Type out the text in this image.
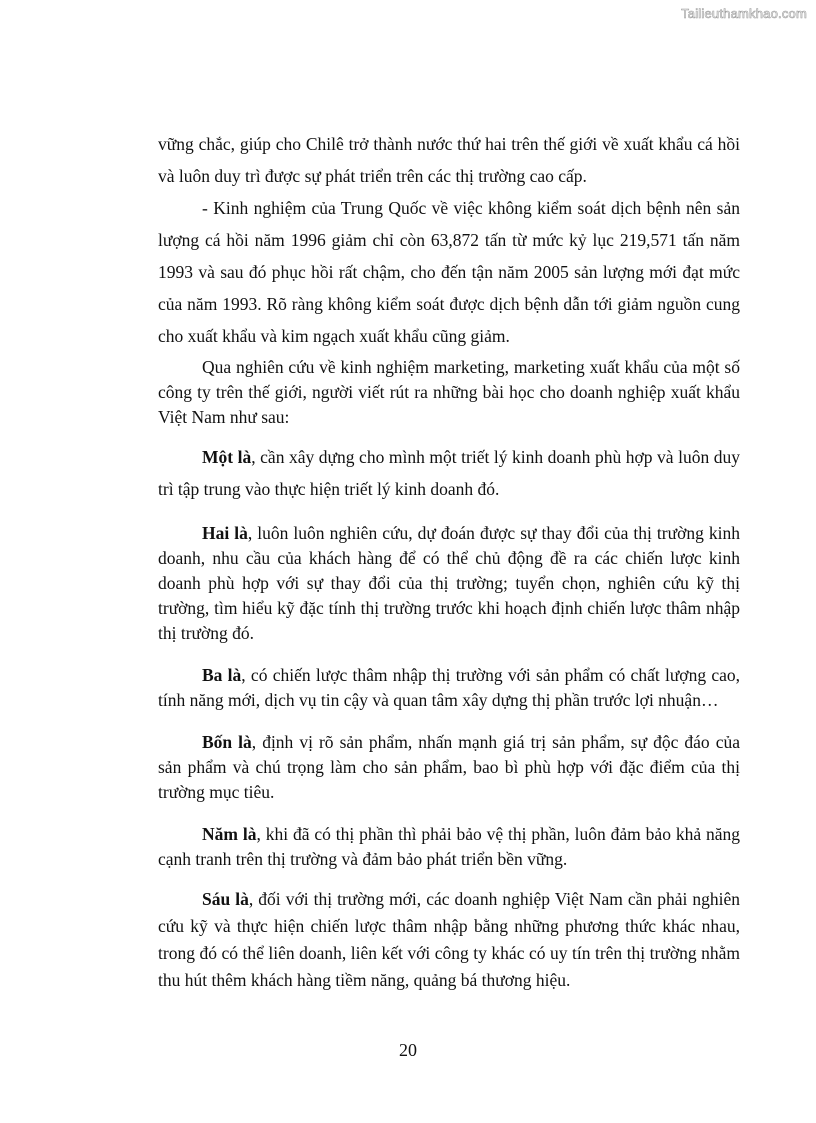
Tailieuthamkhao.com

vững chắc, giúp cho Chilê trở thành nước thứ hai trên thế giới về xuất khẩu cá hồi và luôn duy trì được sự phát triển trên các thị trường cao cấp.

- Kinh nghiệm của Trung Quốc về việc không kiểm soát dịch bệnh nên sản lượng cá hồi năm 1996 giảm chỉ còn 63,872 tấn từ mức kỷ lục 219,571 tấn năm 1993 và sau đó phục hồi rất chậm, cho đến tận năm 2005 sản lượng mới đạt mức của năm 1993. Rõ ràng không kiểm soát được dịch bệnh dẫn tới giảm nguồn cung cho xuất khẩu và kim ngạch xuất khẩu cũng giảm.

Qua nghiên cứu về kinh nghiệm marketing, marketing xuất khẩu của một số công ty trên thế giới, người viết rút ra những bài học cho doanh nghiệp xuất khẩu Việt Nam như sau:

Một là, cần xây dựng cho mình một triết lý kinh doanh phù hợp và luôn duy trì tập trung vào thực hiện triết lý kinh doanh đó.

Hai là, luôn luôn nghiên cứu, dự đoán được sự thay đổi của thị trường kinh doanh, nhu cầu của khách hàng để có thể chủ động đề ra các chiến lược kinh doanh phù hợp với sự thay đổi của thị trường; tuyển chọn, nghiên cứu kỹ thị trường, tìm hiểu kỹ đặc tính thị trường trước khi hoạch định chiến lược thâm nhập thị trường đó.

Ba là, có chiến lược thâm nhập thị trường với sản phẩm có chất lượng cao, tính năng mới, dịch vụ tin cậy và quan tâm xây dựng thị phần trước lợi nhuận…

Bốn là, định vị rõ sản phẩm, nhấn mạnh giá trị sản phẩm, sự độc đáo của sản phẩm và chú trọng làm cho sản phẩm, bao bì phù hợp với đặc điểm của thị trường mục tiêu.

Năm là, khi đã có thị phần thì phải bảo vệ thị phần, luôn đảm bảo khả năng cạnh tranh trên thị trường và đảm bảo phát triển bền vững.

Sáu là, đối với thị trường mới, các doanh nghiệp Việt Nam cần phải nghiên cứu kỹ và thực hiện chiến lược thâm nhập bằng những phương thức khác nhau, trong đó có thể liên doanh, liên kết với công ty khác có uy tín trên thị trường nhằm thu hút thêm khách hàng tiềm năng, quảng bá thương hiệu.

20
